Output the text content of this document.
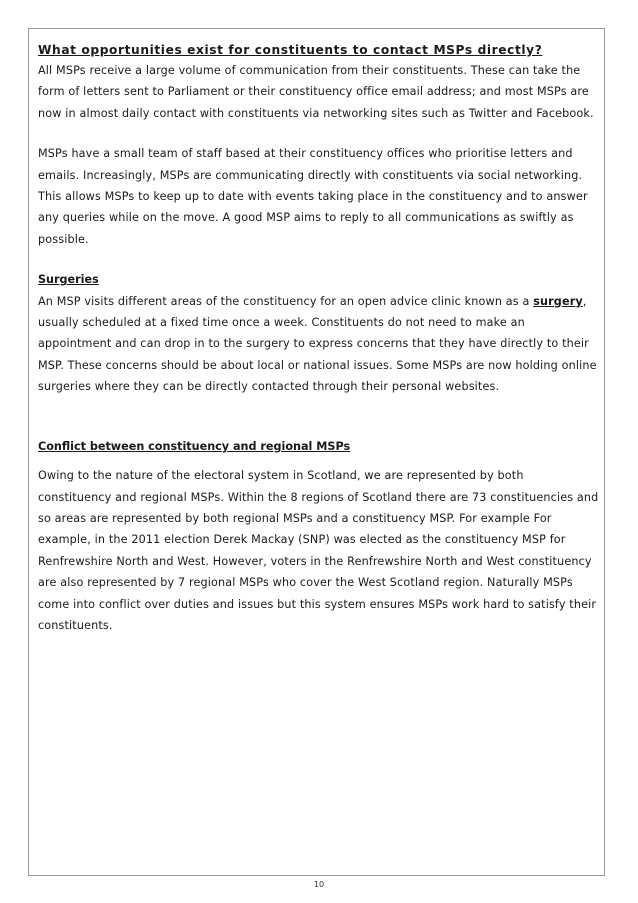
What opportunities exist for constituents to contact MSPs directly?

All MSPs receive a large volume of communication from their constituents. These can take the form of letters sent to Parliament or their constituency office email address; and most MSPs are now in almost daily contact with constituents via networking sites such as Twitter and Facebook.

MSPs have a small team of staff based at their constituency offices who prioritise letters and emails. Increasingly, MSPs are communicating directly with constituents via social networking. This allows MSPs to keep up to date with events taking place in the constituency and to answer any queries while on the move. A good MSP aims to reply to all communications as swiftly as possible.

Surgeries

An MSP visits different areas of the constituency for an open advice clinic known as a surgery, usually scheduled at a fixed time once a week. Constituents do not need to make an appointment and can drop in to the surgery to express concerns that they have directly to their MSP. These concerns should be about local or national issues. Some MSPs are now holding online surgeries where they can be directly contacted through their personal websites.

Conflict between constituency and regional MSPs

Owing to the nature of the electoral system in Scotland, we are represented by both constituency and regional MSPs. Within the 8 regions of Scotland there are 73 constituencies and so areas are represented by both regional MSPs and a constituency MSP. For example For example, in the 2011 election Derek Mackay (SNP) was elected as the constituency MSP for Renfrewshire North and West. However, voters in the Renfrewshire North and West constituency are also represented by 7 regional MSPs who cover the West Scotland region. Naturally MSPs come into conflict over duties and issues but this system ensures MSPs work hard to satisfy their constituents.

10
